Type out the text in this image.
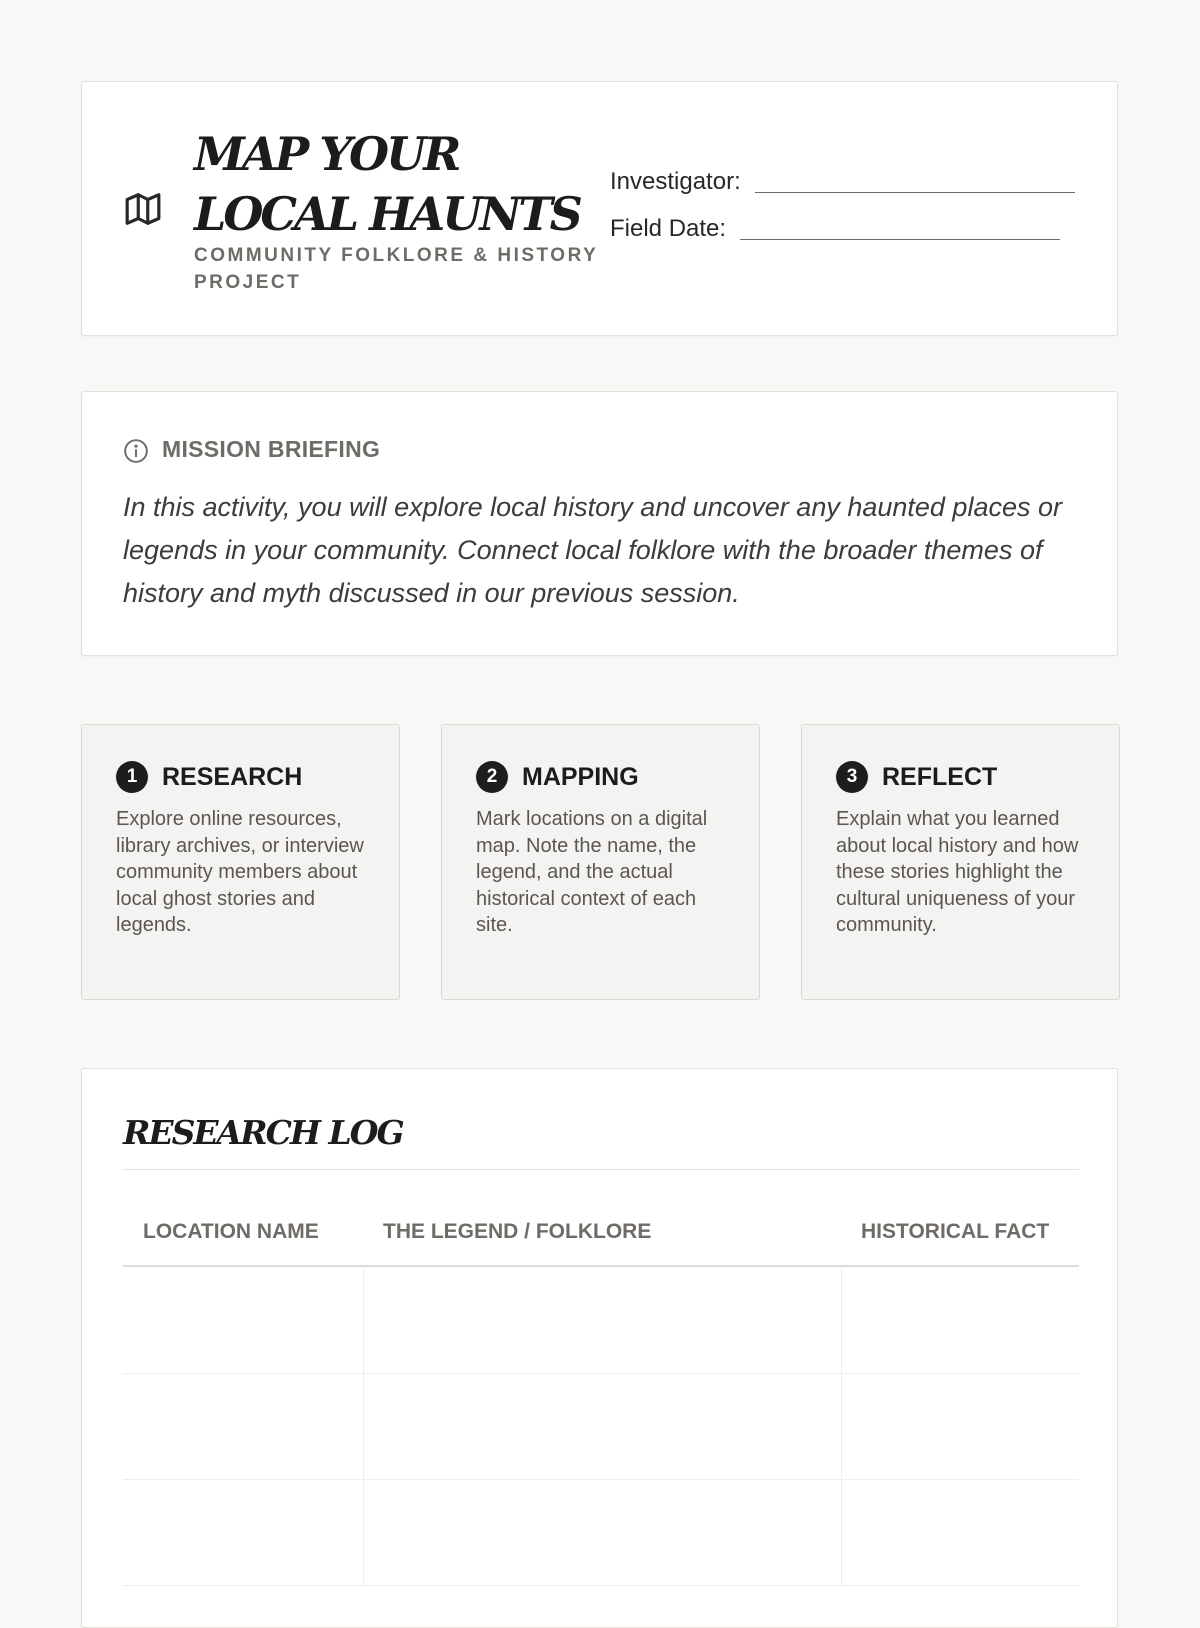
MAP YOUR
LOCAL HAUNTS
COMMUNITY FOLKLORE & HISTORY PROJECT
Investigator:
Field Date:
MISSION BRIEFING

In this activity, you will explore local history and uncover any haunted places or legends in your community. Connect local folklore with the broader themes of history and myth discussed in our previous session.

1 RESEARCH

Explore online resources, library archives, or interview community members about local ghost stories and legends.

2 MAPPING

Mark locations on a digital map. Note the name, the legend, and the actual historical context of each site.

3 REFLECT

Explain what you learned about local history and how these stories highlight the cultural uniqueness of your community.

RESEARCH LOG
LOCATION NAME	THE LEGEND / FOLKLORE	HISTORICAL FACT
